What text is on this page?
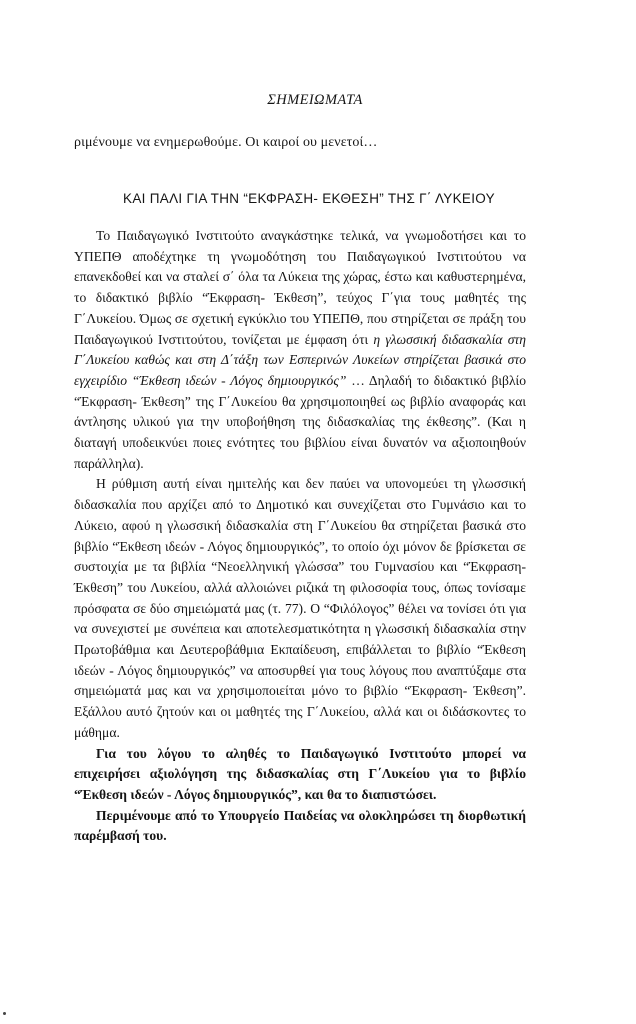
ΣΗΜΕΙΩΜΑΤΑ
ριμένουμε να ενημερωθούμε. Οι καιροί ου μενετοί…
ΚΑΙ ΠΑΛΙ ΓΙΑ ΤΗΝ “ΕΚΦΡΑΣΗ- ΕΚΘΕΣΗ” ΤΗΣ Γ΄ ΛΥΚΕΙΟΥ

Το Παιδαγωγικό Ινστιτούτο αναγκάστηκε τελικά, να γνωμοδοτήσει και το ΥΠΕΠΘ αποδέχτηκε τη γνωμοδότηση του Παιδαγωγικού Ινστιτούτου να επανεκδοθεί και να σταλεί σ΄ όλα τα Λύκεια της χώρας, έστω και καθυστερημένα, το διδακτικό βιβλίο “Έκφραση- Έκθεση”, τεύχος Γ΄για τους μαθητές της Γ΄Λυκείου. Όμως σε σχετική εγκύκλιο του ΥΠΕΠΘ, που στηρίζεται σε πράξη του Παιδαγωγικού Ινστιτούτου, τονίζεται με έμφαση ότι η γλωσσική διδασκαλία στη Γ΄Λυκείου καθώς και στη Δ΄τάξη των Εσπερινών Λυκείων στηρίζεται βασικά στο εγχειρίδιο “Έκθεση ιδεών - Λόγος δημιουργικός” … Δηλαδή το διδακτικό βιβλίο “Έκφραση- Έκθεση” της Γ΄Λυκείου θα χρησιμοποιηθεί ως βιβλίο αναφοράς και άντλησης υλικού για την υποβοήθηση της διδασκαλίας της έκθεσης”. (Και η διαταγή υποδεικνύει ποιες ενότητες του βιβλίου είναι δυνατόν να αξιοποιηθούν παράλληλα).

Η ρύθμιση αυτή είναι ημιτελής και δεν παύει να υπονομεύει τη γλωσσική διδασκαλία που αρχίζει από το Δημοτικό και συνεχίζεται στο Γυμνάσιο και το Λύκειο, αφού η γλωσσική διδασκαλία στη Γ΄Λυκείου θα στηρίζεται βασικά στο βιβλίο “Έκθεση ιδεών - Λόγος δημιουργικός”, το οποίο όχι μόνον δε βρίσκεται σε συστοιχία με τα βιβλία “Νεοελληνική γλώσσα” του Γυμνασίου και “Έκφραση- Έκθεση” του Λυκείου, αλλά αλλοιώνει ριζικά τη φιλοσοφία τους, όπως τονίσαμε πρόσφατα σε δύο σημειώματά μας (τ. 77). Ο “Φιλόλογος” θέλει να τονίσει ότι για να συνεχιστεί με συνέπεια και αποτελεσματικότητα η γλωσσική διδασκαλία στην Πρωτοβάθμια και Δευτεροβάθμια Εκπαίδευση, επιβάλλεται το βιβλίο “Έκθεση ιδεών - Λόγος δημιουργικός” να αποσυρθεί για τους λόγους που αναπτύξαμε στα σημειώματά μας και να χρησιμοποιείται μόνο το βιβλίο “Έκφραση- Έκθεση”. Εξάλλου αυτό ζητούν και οι μαθητές της Γ΄Λυκείου, αλλά και οι διδάσκοντες το μάθημα.

Για του λόγου το αληθές το Παιδαγωγικό Ινστιτούτο μπορεί να επιχειρήσει αξιολόγηση της διδασκαλίας στη Γ΄Λυκείου για το βιβλίο “Έκθεση ιδεών - Λόγος δημιουργικός”, και θα το διαπιστώσει.

Περιμένουμε από το Υπουργείο Παιδείας να ολοκληρώσει τη διορθωτική παρέμβασή του.
